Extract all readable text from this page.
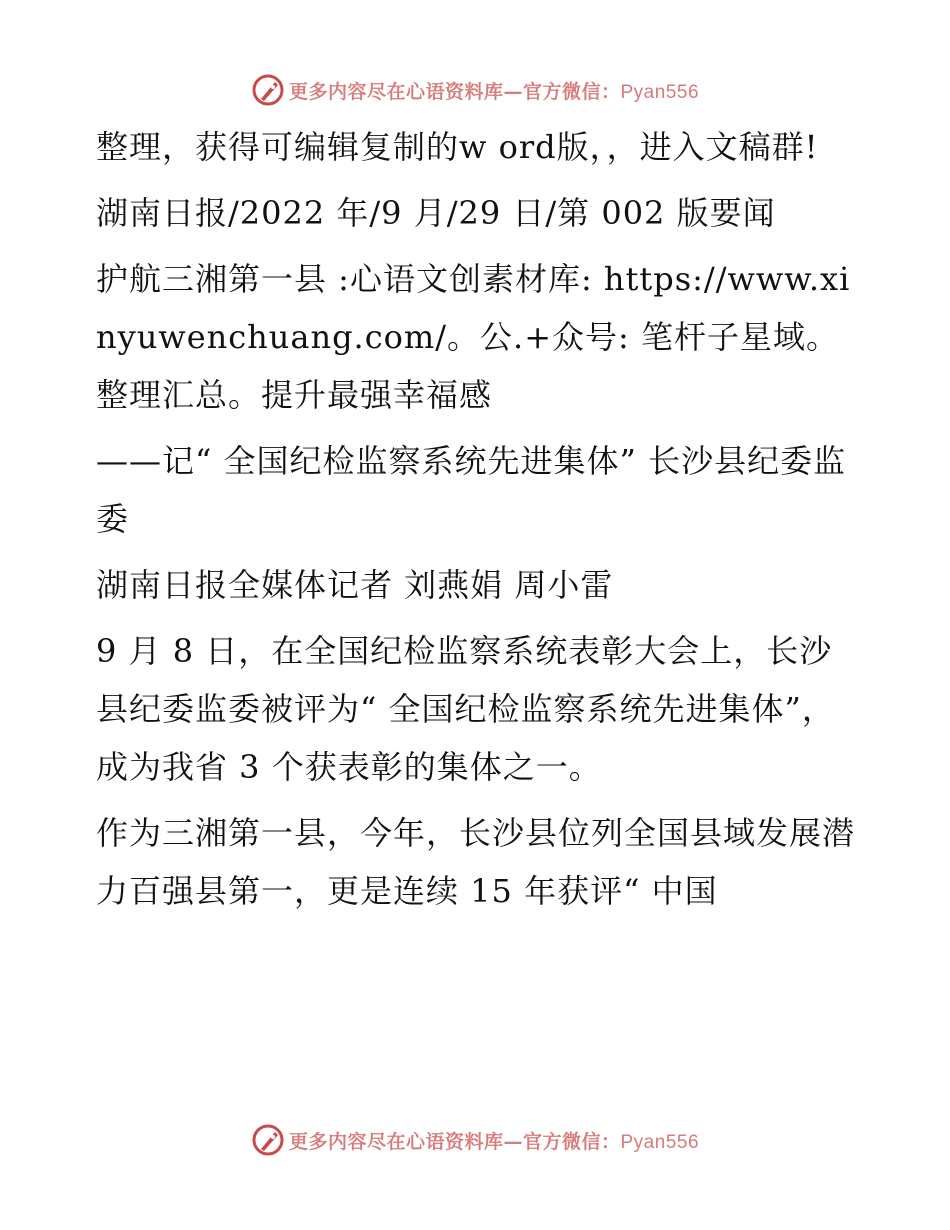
更多内容尽在心语资料库—官方微信：Pyan556

整理，获得可编辑复制的w ord版，，进入文稿群!

湖南日报/2022 年/9 月/29 日/第 002 版要闻

护航三湘第一县 :心语文创素材库: https://www.xinyuwenchuang.com/。公.+众号: 笔杆子星域。整理汇总。提升最强幸福感

——记“ 全国纪检监察系统先进集体” 长沙县纪委监委

湖南日报全媒体记者 刘燕娟 周小雷

9 月 8 日，在全国纪检监察系统表彰大会上，长沙县纪委监委被评为“ 全国纪检监察系统先进集体”，成为我省 3 个获表彰的集体之一。

作为三湘第一县，今年，长沙县位列全国县域发展潜力百强县第一，更是连续 15 年获评“ 中国

更多内容尽在心语资料库—官方微信：Pyan556
